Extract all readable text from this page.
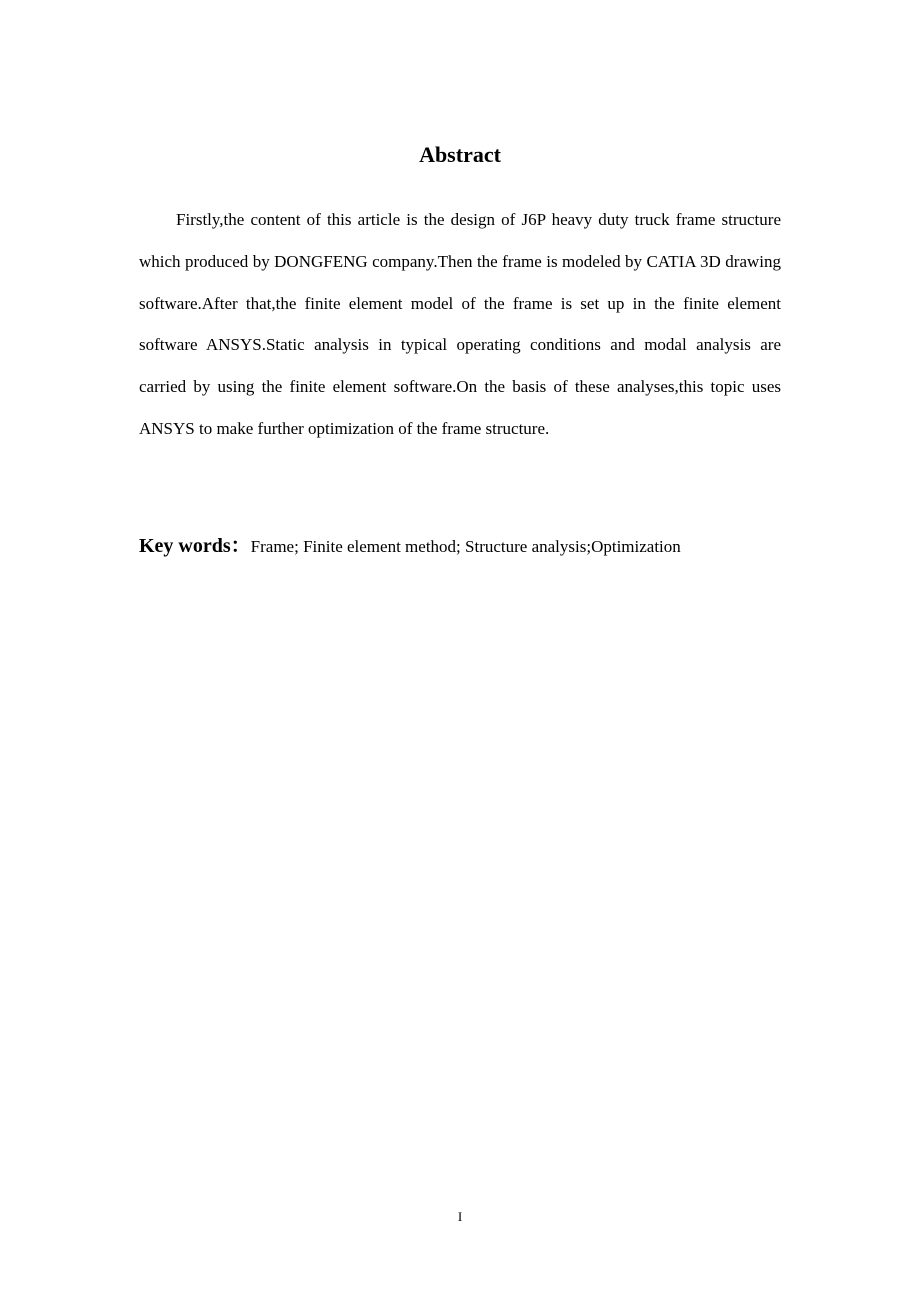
Abstract

Firstly,the content of this article is the design of J6P heavy duty truck frame structure which produced by DONGFENG company.Then the frame is modeled by CATIA 3D drawing software.After that,the finite element model of the frame is set up in the finite element software ANSYS.Static analysis in typical operating conditions and modal analysis are carried by using the finite element software.On the basis of these analyses,this topic uses ANSYS to make further optimization of the frame structure.

Key words：Frame; Finite element method; Structure analysis;Optimization
I
